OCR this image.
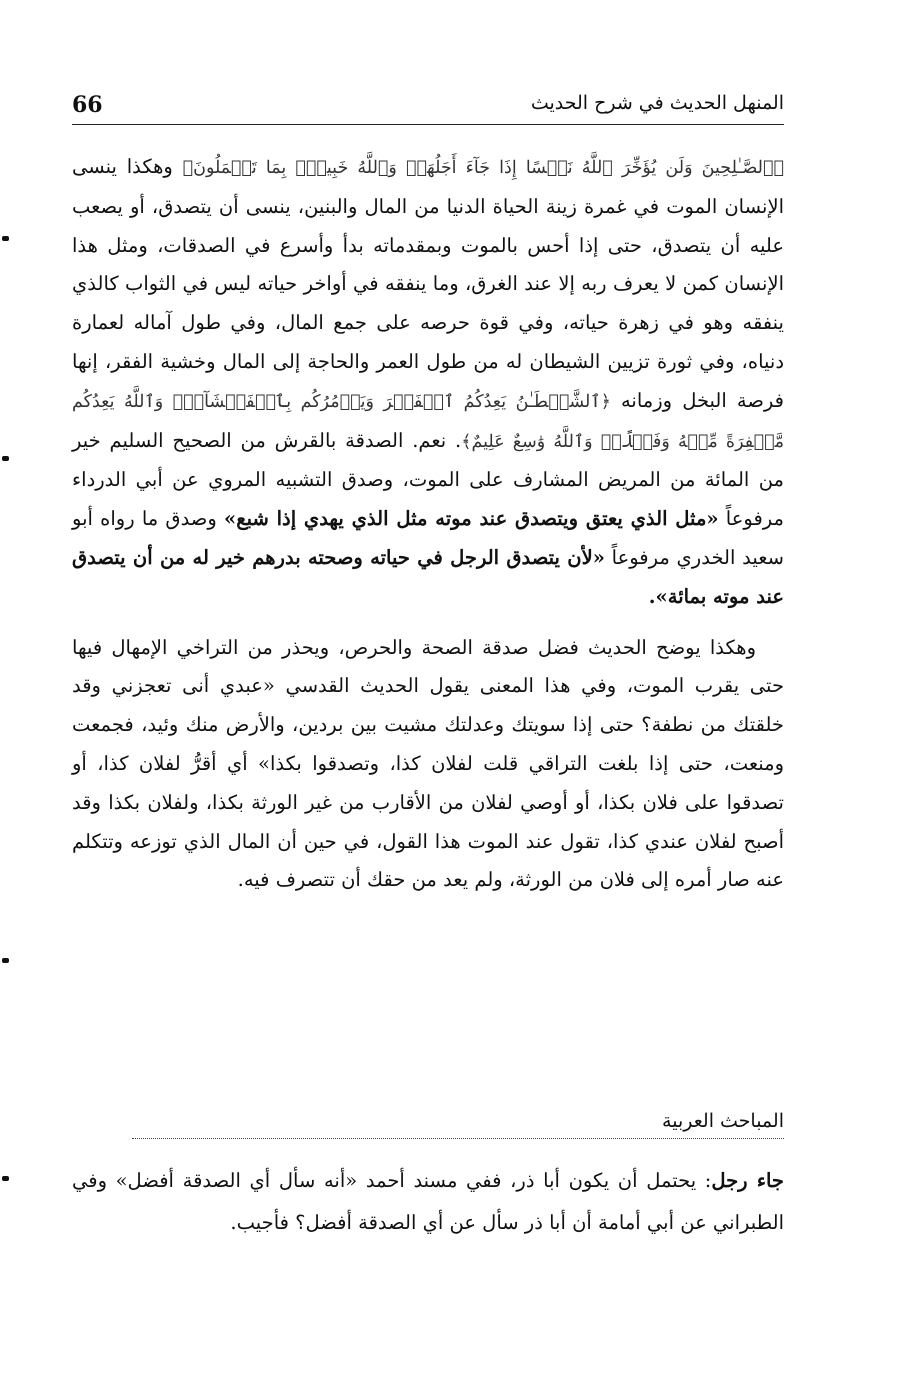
66	المنهل الحديث في شرح الحديث

﴿ٱلصَّـٰلِحِينَ وَلَن يُؤَخِّرَ ٱللَّهُ نَفۡسًا إِذَا جَآءَ أَجَلُهَآۚ وَٱللَّهُ خَبِيرُۢ بِمَا تَعۡمَلُونَ﴾ وهكذا ينسى الإنسان الموت في غمرة زينة الحياة الدنيا من المال والبنين، ينسى أن يتصدق، أو يصعب عليه أن يتصدق، حتى إذا أحس بالموت وبمقدماته بدأ وأسرع في الصدقات، ومثل هذا الإنسان كمن لا يعرف ربه إلا عند الغرق، وما ينفقه في أواخر حياته ليس في الثواب كالذي ينفقه وهو في زهرة حياته، وفي قوة حرصه على جمع المال، وفي طول آماله لعمارة دنياه، وفي ثورة تزيين الشيطان له من طول العمر والحاجة إلى المال وخشية الفقر، إنها فرصة البخل وزمانه ﴿ٱلشَّيۡطَـٰنُ يَعِدُكُمُ ٱلۡفَقۡرَ وَيَأۡمُرُكُم بِٱلۡفَحۡشَآءِۖ وَٱللَّهُ يَعِدُكُم مَّغۡفِرَةً مِّنۡهُ وَفَضۡلًاۗ وَٱللَّهُ وَٰسِعٌ عَلِيمٌ﴾. نعم. الصدقة بالقرش من الصحيح السليم خير من المائة من المريض المشارف على الموت، وصدق التشبيه المروي عن أبي الدرداء مرفوعاً «مثل الذي يعتق ويتصدق عند موته مثل الذي يهدي إذا شبع» وصدق ما رواه أبو سعيد الخدري مرفوعاً «لأن يتصدق الرجل في حياته وصحته بدرهم خير له من أن يتصدق عند موته بمائة».

وهكذا يوضح الحديث فضل صدقة الصحة والحرص، ويحذر من التراخي الإمهال فيها حتى يقرب الموت، وفي هذا المعنى يقول الحديث القدسي «عبدي أنى تعجزني وقد خلقتك من نطفة؟ حتى إذا سويتك وعدلتك مشيت بين بردين، والأرض منك وئيد، فجمعت ومنعت، حتى إذا بلغت التراقي قلت لفلان كذا، وتصدقوا بكذا» أي أقرُّ لفلان كذا، أو تصدقوا على فلان بكذا، أو أوصي لفلان من الأقارب من غير الورثة بكذا، ولفلان بكذا وقد أصبح لفلان عندي كذا، تقول عند الموت هذا القول، في حين أن المال الذي توزعه وتتكلم عنه صار أمره إلى فلان من الورثة، ولم يعد من حقك أن تتصرف فيه.

المباحث العربية

جاء رجل: يحتمل أن يكون أبا ذر، ففي مسند أحمد «أنه سأل أي الصدقة أفضل» وفي الطبراني عن أبي أمامة أن أبا ذر سأل عن أي الصدقة أفضل؟ فأجيب.
